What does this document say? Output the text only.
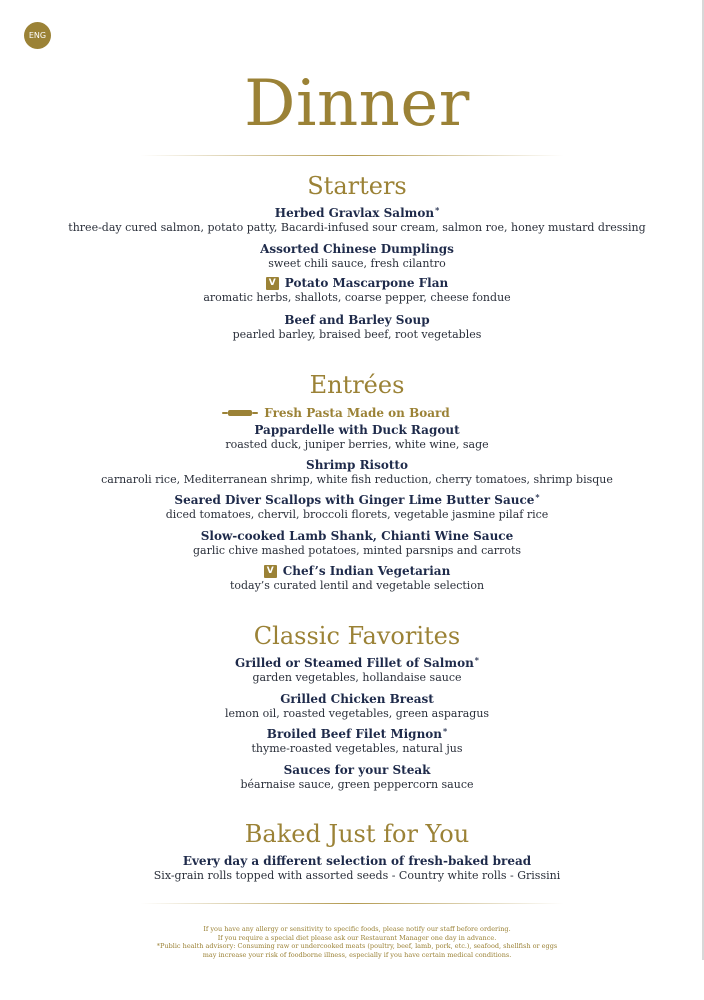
ENG
Dinner
Starters
Herbed Gravlax Salmon*
three-day cured salmon, potato patty, Bacardi-infused sour cream, salmon roe, honey mustard dressing
Assorted Chinese Dumplings
sweet chili sauce, fresh cilantro
V Potato Mascarpone Flan
aromatic herbs, shallots, coarse pepper, cheese fondue
Beef and Barley Soup
pearled barley, braised beef, root vegetables
Entrées
Fresh Pasta Made on Board
Pappardelle with Duck Ragout
roasted duck, juniper berries, white wine, sage
Shrimp Risotto
carnaroli rice, Mediterranean shrimp, white fish reduction, cherry tomatoes, shrimp bisque
Seared Diver Scallops with Ginger Lime Butter Sauce*
diced tomatoes, chervil, broccoli florets, vegetable jasmine pilaf rice
Slow-cooked Lamb Shank, Chianti Wine Sauce
garlic chive mashed potatoes, minted parsnips and carrots
V Chef’s Indian Vegetarian
today’s curated lentil and vegetable selection
Classic Favorites
Grilled or Steamed Fillet of Salmon*
garden vegetables, hollandaise sauce
Grilled Chicken Breast
lemon oil, roasted vegetables, green asparagus
Broiled Beef Filet Mignon*
thyme-roasted vegetables, natural jus
Sauces for your Steak
béarnaise sauce, green peppercorn sauce
Baked Just for You
Every day a different selection of fresh-baked bread
Six-grain rolls topped with assorted seeds - Country white rolls - Grissini
If you have any allergy or sensitivity to specific foods, please notify our staff before ordering.
If you require a special diet please ask our Restaurant Manager one day in advance.
*Public health advisory: Consuming raw or undercooked meats (poultry, beef, lamb, pork, etc.), seafood, shellfish or eggs
may increase your risk of foodborne illness, especially if you have certain medical conditions.
